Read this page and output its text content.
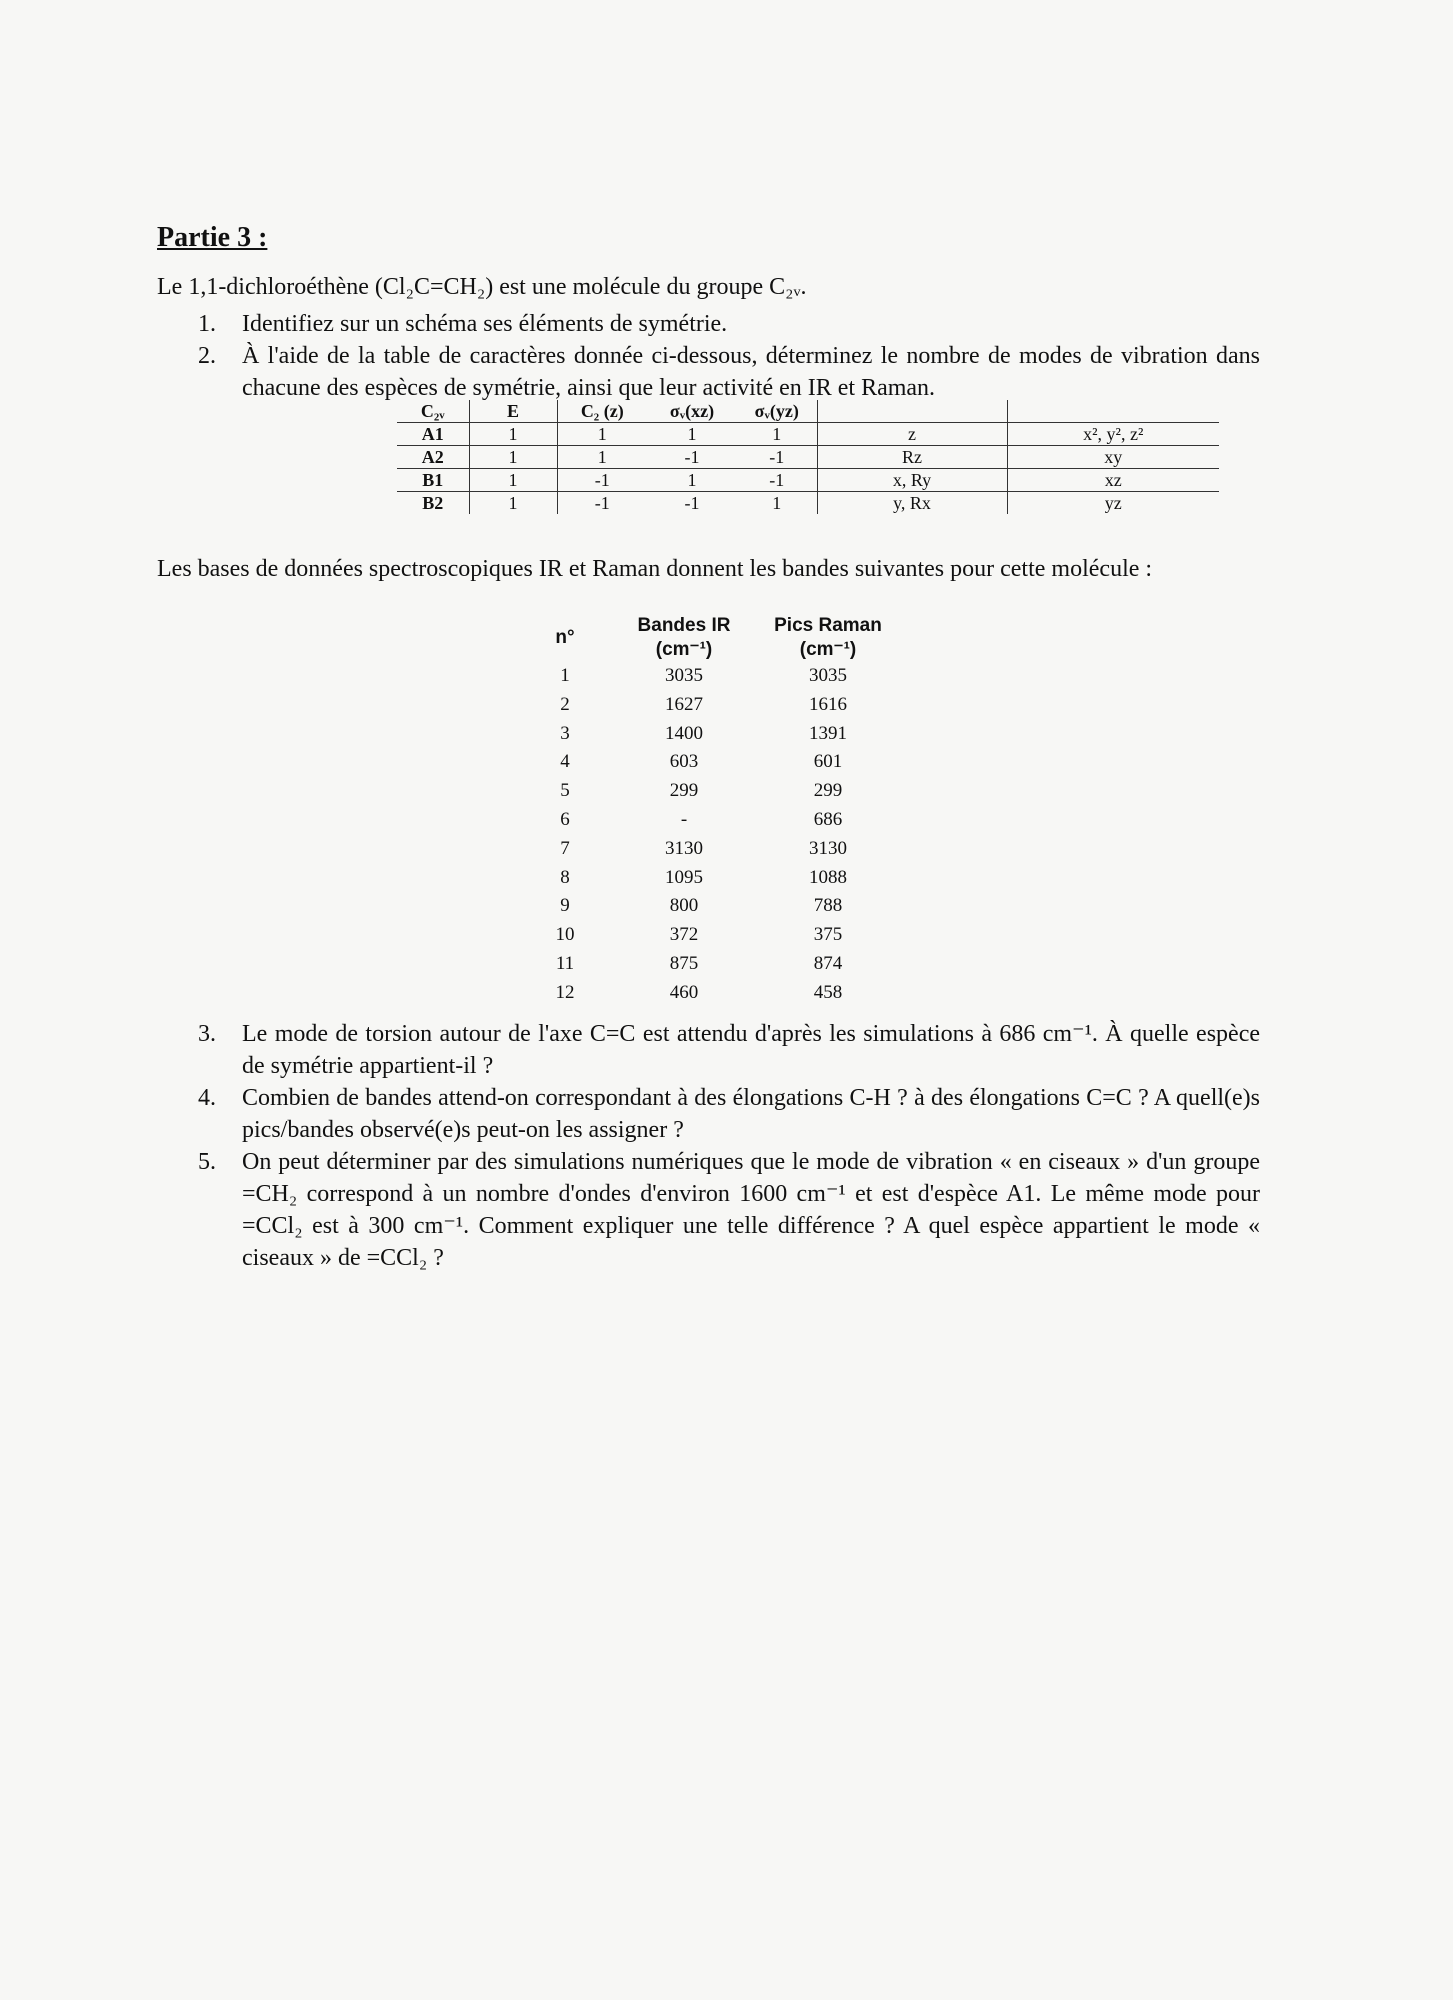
Partie 3 :
Le 1,1-dichloroéthène (Cl₂C=CH₂) est une molécule du groupe C₂ᵥ.
1.	Identifiez sur un schéma ses éléments de symétrie.
2.	À l'aide de la table de caractères donnée ci-dessous, déterminez le nombre de modes de vibration dans chacune des espèces de symétrie, ainsi que leur activité en IR et Raman.
C₂ᵥ	E	C₂ (z)	σᵥ(xz)	σᵥ(yz)		
A1	1	1	1	1	z	x², y², z²
A2	1	1	-1	-1	Rz	xy
B1	1	-1	1	-1	x, Ry	xz
B2	1	-1	-1	1	y, Rx	yz
Les bases de données spectroscopiques IR et Raman donnent les bandes suivantes pour cette molécule :
n°	Bandes IR (cm⁻¹)	Pics Raman (cm⁻¹)
1	3035	3035
2	1627	1616
3	1400	1391
4	603	601
5	299	299
6	-	686
7	3130	3130
8	1095	1088
9	800	788
10	372	375
11	875	874
12	460	458
3.	Le mode de torsion autour de l'axe C=C est attendu d'après les simulations à 686 cm⁻¹. À quelle espèce de symétrie appartient-il ?
4.	Combien de bandes attend-on correspondant à des élongations C-H ? à des élongations C=C ? A quell(e)s pics/bandes observé(e)s peut-on les assigner ?
5.	On peut déterminer par des simulations numériques que le mode de vibration « en ciseaux » d'un groupe =CH₂ correspond à un nombre d'ondes d'environ 1600 cm⁻¹ et est d'espèce A1. Le même mode pour =CCl₂ est à 300 cm⁻¹. Comment expliquer une telle différence ? A quel espèce appartient le mode « ciseaux » de =CCl₂ ?
